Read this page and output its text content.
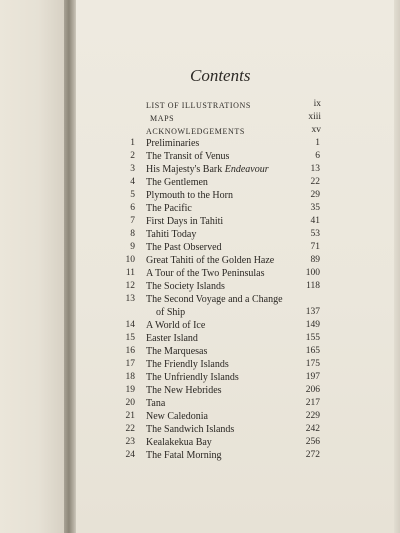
Contents
LIST OF ILLUSTRATIONS	ix
MAPS	xiii
ACKNOWLEDGEMENTS	xv
1 Preliminaries	1
2 The Transit of Venus	6
3 His Majesty's Bark Endeavour	13
4 The Gentlemen	22
5 Plymouth to the Horn	29
6 The Pacific	35
7 First Days in Tahiti	41
8 Tahiti Today	53
9 The Past Observed	71
10 Great Tahiti of the Golden Haze	89
11 A Tour of the Two Peninsulas	100
12 The Society Islands	118
13 The Second Voyage and a Change
of Ship	137
14 A World of Ice	149
15 Easter Island	155
16 The Marquesas	165
17 The Friendly Islands	175
18 The Unfriendly Islands	197
19 The New Hebrides	206
20 Tana	217
21 New Caledonia	229
22 The Sandwich Islands	242
23 Kealakekua Bay	256
24 The Fatal Morning	272
